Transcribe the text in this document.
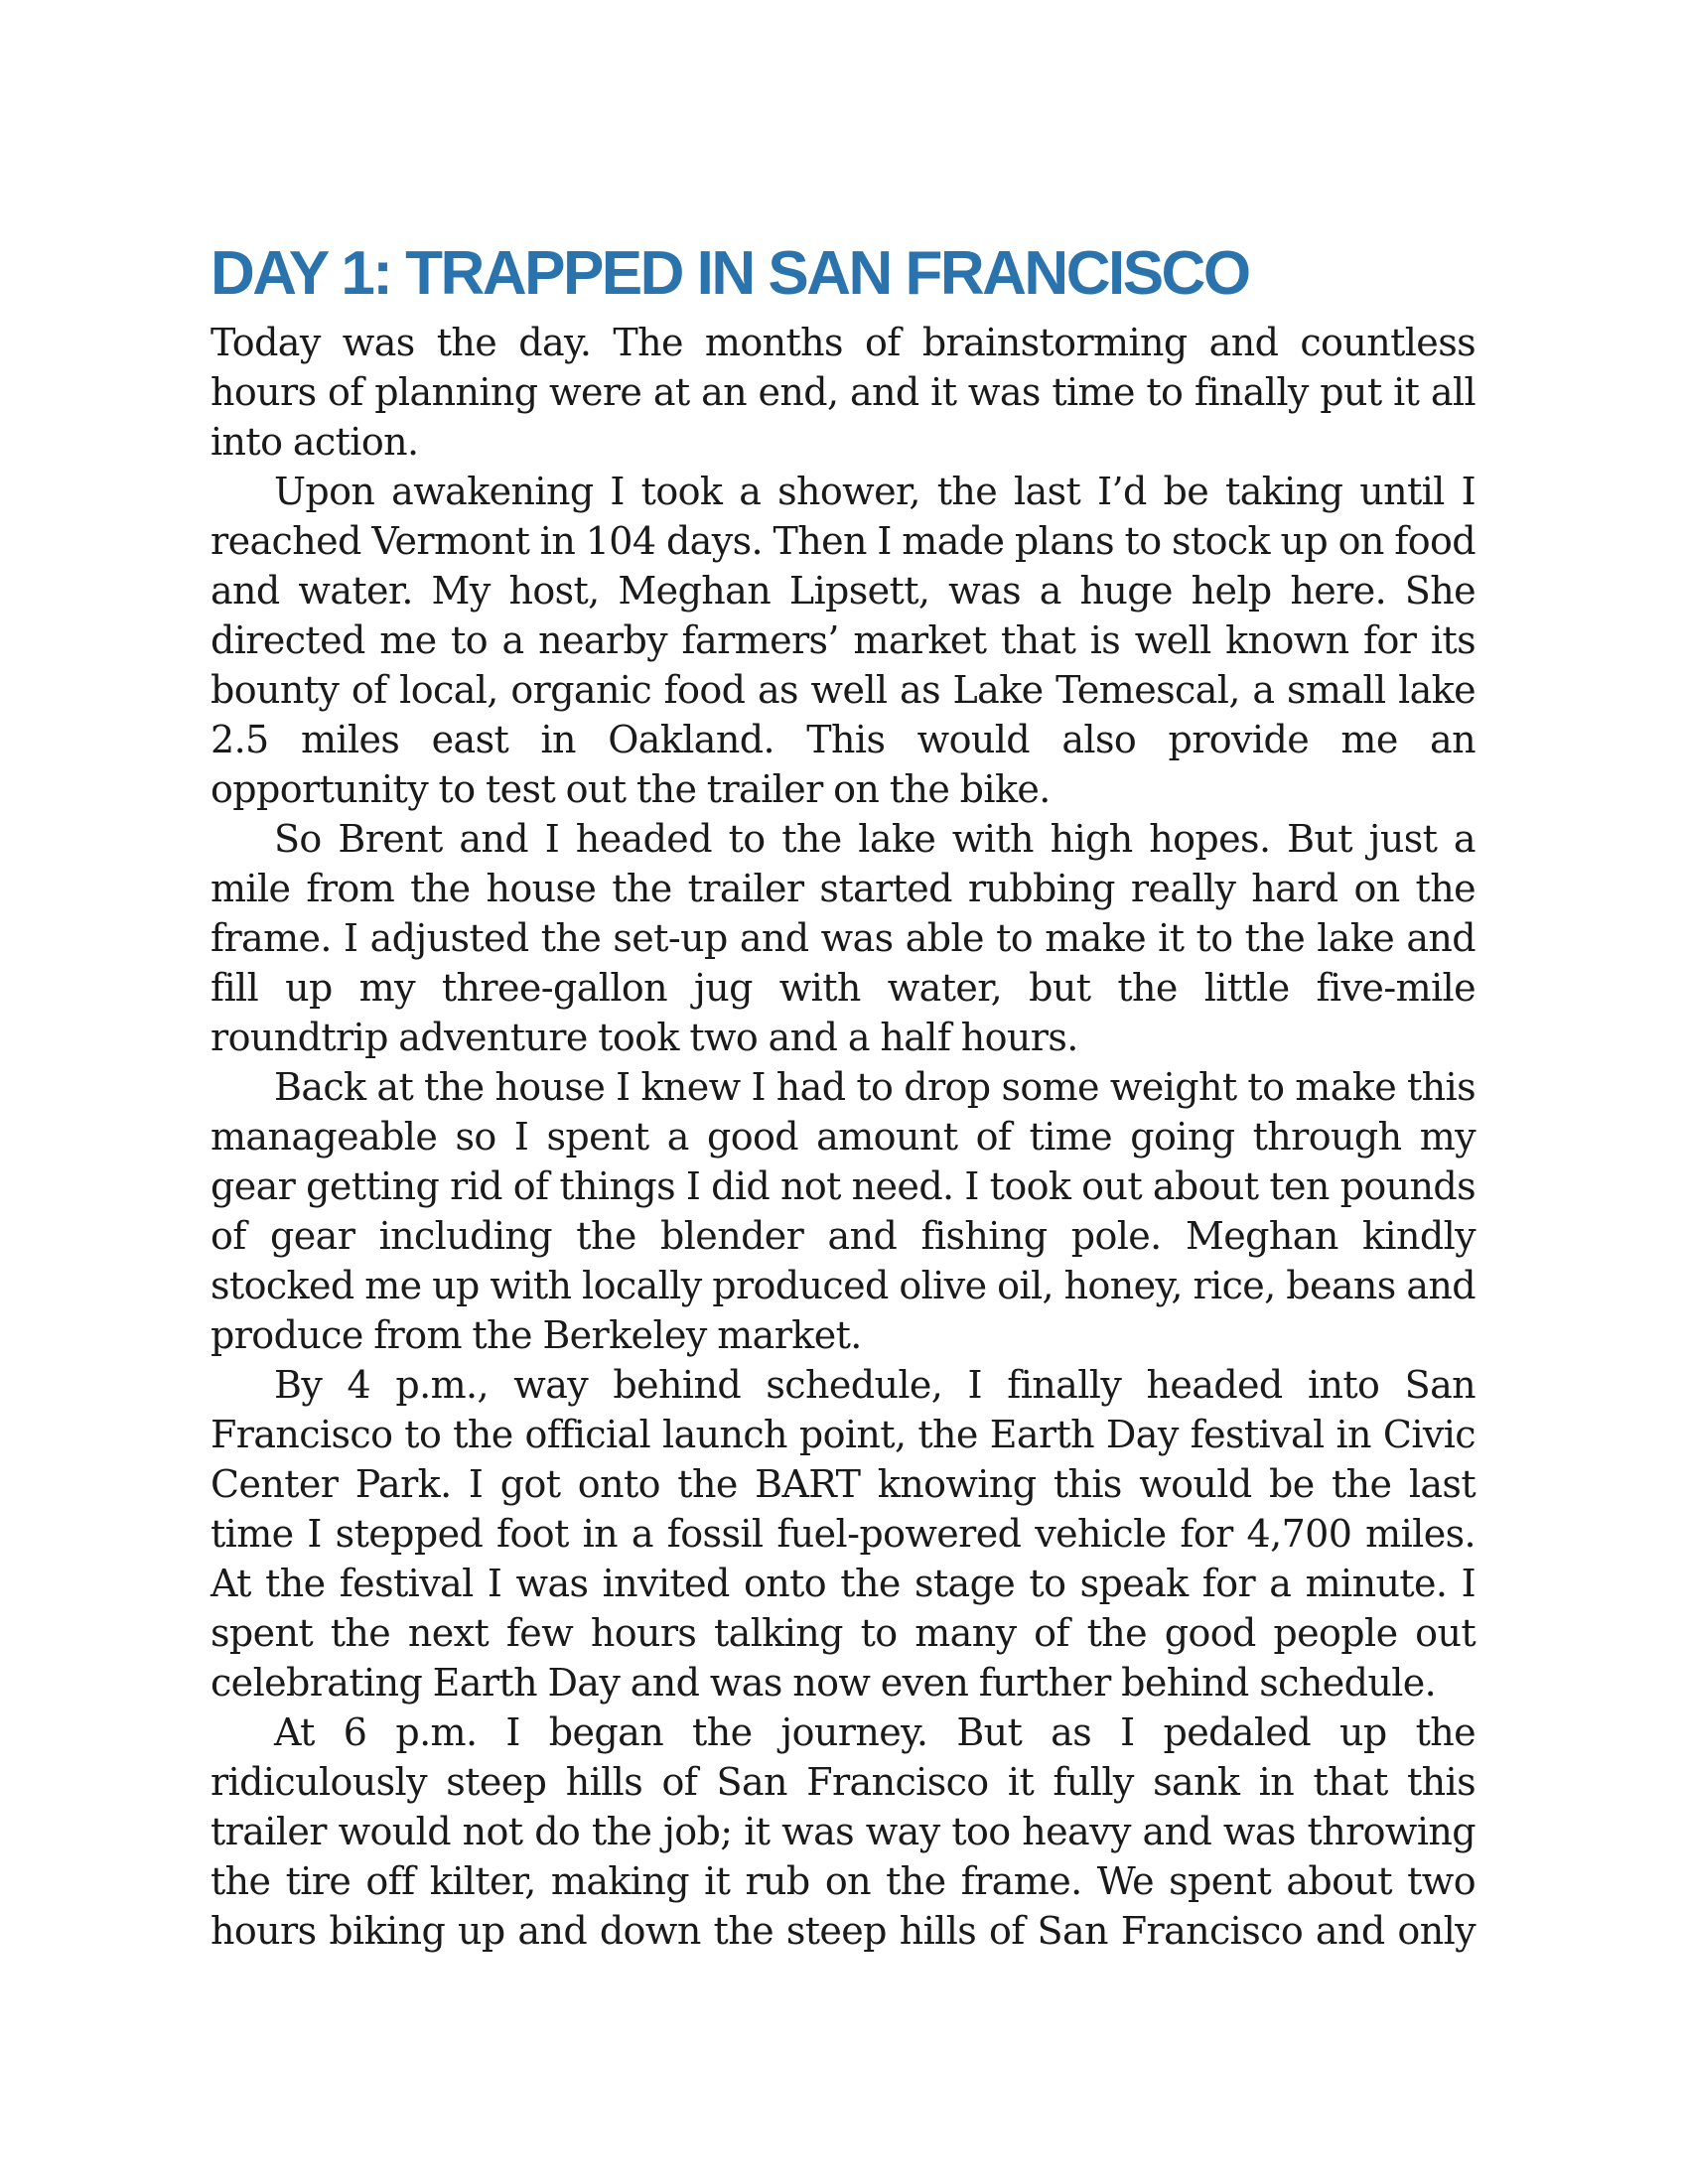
DAY 1: TRAPPED IN SAN FRANCISCO

Today was the day. The months of brainstorming and countless hours of planning were at an end, and it was time to finally put it all into action.

Upon awakening I took a shower, the last I’d be taking until I reached Vermont in 104 days. Then I made plans to stock up on food and water. My host, Meghan Lipsett, was a huge help here. She directed me to a nearby farmers’ market that is well known for its bounty of local, organic food as well as Lake Temescal, a small lake 2.5 miles east in Oakland. This would also provide me an opportunity to test out the trailer on the bike.

So Brent and I headed to the lake with high hopes. But just a mile from the house the trailer started rubbing really hard on the frame. I adjusted the set-up and was able to make it to the lake and fill up my three-gallon jug with water, but the little five-mile roundtrip adventure took two and a half hours.

Back at the house I knew I had to drop some weight to make this manageable so I spent a good amount of time going through my gear getting rid of things I did not need. I took out about ten pounds of gear including the blender and fishing pole. Meghan kindly stocked me up with locally produced olive oil, honey, rice, beans and produce from the Berkeley market.

By 4 p.m., way behind schedule, I finally headed into San Francisco to the official launch point, the Earth Day festival in Civic Center Park. I got onto the BART knowing this would be the last time I stepped foot in a fossil fuel-powered vehicle for 4,700 miles. At the festival I was invited onto the stage to speak for a minute. I spent the next few hours talking to many of the good people out celebrating Earth Day and was now even further behind schedule.

At 6 p.m. I began the journey. But as I pedaled up the ridiculously steep hills of San Francisco it fully sank in that this trailer would not do the job; it was way too heavy and was throwing the tire off kilter, making it rub on the frame. We spent about two hours biking up and down the steep hills of San Francisco and only
